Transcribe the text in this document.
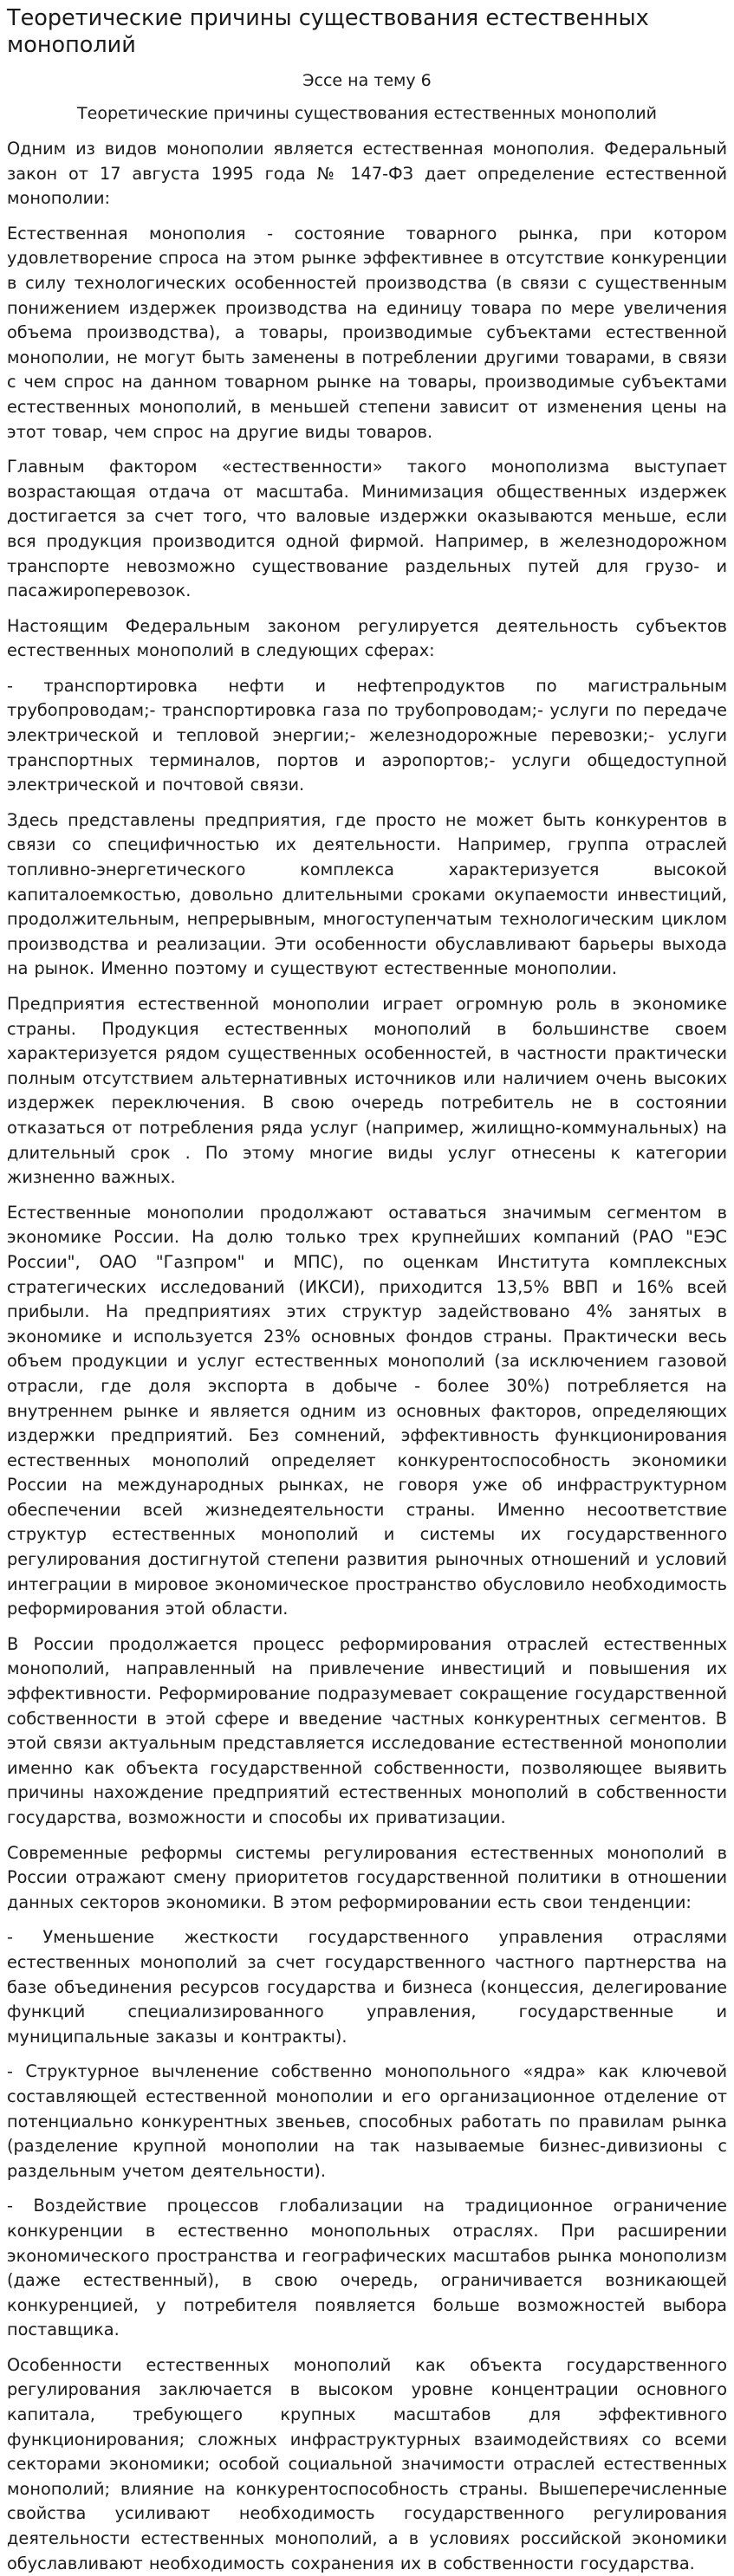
Теоретические причины существования естественных монополий
Эссе на тему 6
Теоретические причины существования естественных монополий

Одним из видов монополии является естественная монополия. Федеральный закон от 17 августа 1995 года № 147-ФЗ дает определение естественной монополии:

Естественная монополия - состояние товарного рынка, при котором удовлетворение спроса на этом рынке эффективнее в отсутствие конкуренции в силу технологических особенностей производства (в связи с существенным понижением издержек производства на единицу товара по мере увеличения объема производства), а товары, производимые субъектами естественной монополии, не могут быть заменены в потреблении другими товарами, в связи с чем спрос на данном товарном рынке на товары, производимые субъектами естественных монополий, в меньшей степени зависит от изменения цены на этот товар, чем спрос на другие виды товаров.

Главным фактором «естественности» такого монополизма выступает возрастающая отдача от масштаба. Минимизация общественных издержек достигается за счет того, что валовые издержки оказываются меньше, если вся продукция производится одной фирмой. Например, в железнодорожном транспорте невозможно существование раздельных путей для грузо- и пасажироперевозок.

Настоящим Федеральным законом регулируется деятельность субъектов естественных монополий в следующих сферах:

- транспортировка нефти и нефтепродуктов по магистральным трубопроводам;- транспортировка газа по трубопроводам;- услуги по передаче электрической и тепловой энергии;- железнодорожные перевозки;- услуги транспортных терминалов, портов и аэропортов;- услуги общедоступной электрической и почтовой связи.

Здесь представлены предприятия, где просто не может быть конкурентов в связи со специфичностью их деятельности. Например, группа отраслей топливно-энергетического комплекса характеризуется высокой капиталоемкостью, довольно длительными сроками окупаемости инвестиций, продолжительным, непрерывным, многоступенчатым технологическим циклом производства и реализации. Эти особенности обуславливают барьеры выхода на рынок. Именно поэтому и существуют естественные монополии.

Предприятия естественной монополии играет огромную роль в экономике страны. Продукция естественных монополий в большинстве своем характеризуется рядом существенных особенностей, в частности практически полным отсутствием альтернативных источников или наличием очень высоких издержек переключения. В свою очередь потребитель не в состоянии отказаться от потребления ряда услуг (например, жилищно-коммунальных) на длительный срок . По этому многие виды услуг отнесены к категории жизненно важных.

Естественные монополии продолжают оставаться значимым сегментом в экономике России. На долю только трех крупнейших компаний (РАО "ЕЭС России", ОАО "Газпром" и МПС), по оценкам Института комплексных стратегических исследований (ИКСИ), приходится 13,5% ВВП и 16% всей прибыли. На предприятиях этих структур задействовано 4% занятых в экономике и используется 23% основных фондов страны. Практически весь объем продукции и услуг естественных монополий (за исключением газовой отрасли, где доля экспорта в добыче - более 30%) потребляется на внутреннем рынке и является одним из основных факторов, определяющих издержки предприятий. Без сомнений, эффективность функционирования естественных монополий определяет конкурентоспособность экономики России на международных рынках, не говоря уже об инфраструктурном обеспечении всей жизнедеятельности страны. Именно несоответствие структур естественных монополий и системы их государственного регулирования достигнутой степени развития рыночных отношений и условий интеграции в мировое экономическое пространство обусловило необходимость реформирования этой области.

В России продолжается процесс реформирования отраслей естественных монополий, направленный на привлечение инвестиций и повышения их эффективности. Реформирование подразумевает сокращение государственной собственности в этой сфере и введение частных конкурентных сегментов. В этой связи актуальным представляется исследование естественной монополии именно как объекта государственной собственности, позволяющее выявить причины нахождение предприятий естественных монополий в собственности государства, возможности и способы их приватизации.

Современные реформы системы регулирования естественных монополий в России отражают смену приоритетов государственной политики в отношении данных секторов экономики. В этом реформировании есть свои тенденции:

- Уменьшение жесткости государственного управления отраслями естественных монополий за счет государственного частного партнерства на базе объединения ресурсов государства и бизнеса (концессия, делегирование функций специализированного управления, государственные и муниципальные заказы и контракты).

- Структурное вычленение собственно монопольного «ядра» как ключевой составляющей естественной монополии и его организационное отделение от потенциально конкурентных звеньев, способных работать по правилам рынка (разделение крупной монополии на так называемые бизнес-дивизионы с раздельным учетом деятельности).

- Воздействие процессов глобализации на традиционное ограничение конкуренции в естественно монопольных отраслях. При расширении экономического пространства и географических масштабов рынка монополизм (даже естественный), в свою очередь, ограничивается возникающей конкуренцией, у потребителя появляется больше возможностей выбора поставщика.

Особенности естественных монополий как объекта государственного регулирования заключается в высоком уровне концентрации основного капитала, требующего крупных масштабов для эффективного функционирования; сложных инфраструктурных взаимодействиях со всеми секторами экономики; особой социальной значимости отраслей естественных монополий; влияние на конкурентоспособность страны. Вышеперечисленные свойства усиливают необходимость государственного регулирования деятельности естественных монополий, а в условиях российской экономики обуславливают необходимость сохранения их в собственности государства.
